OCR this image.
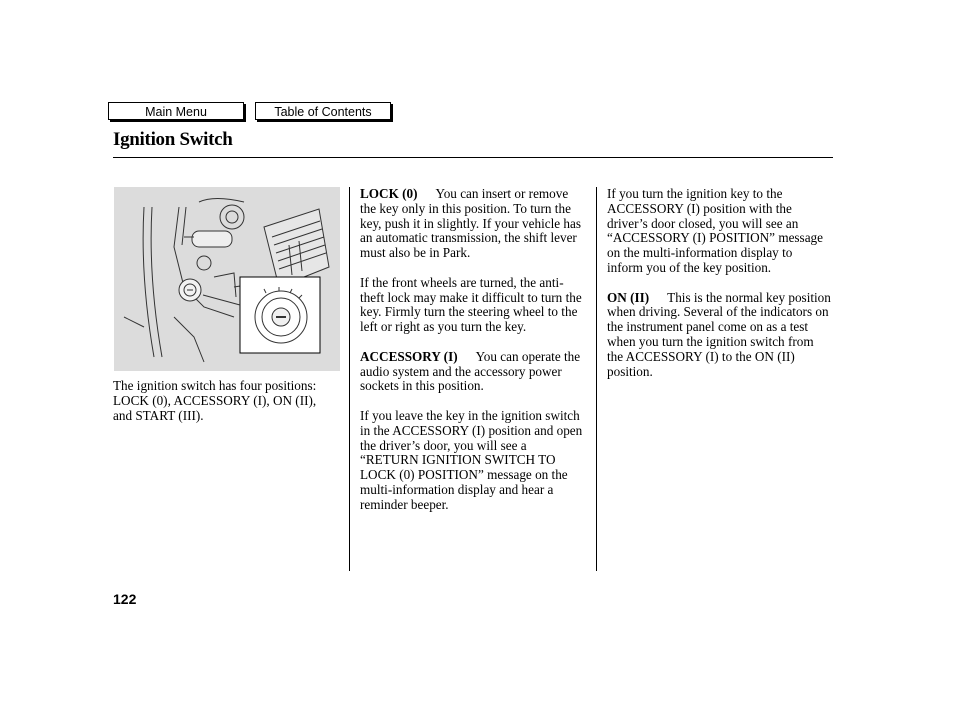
Main Menu	Table of Contents
Ignition Switch

The ignition switch has four positions: LOCK (0), ACCESSORY (I), ON (II), and START (III).

LOCK (0) You can insert or remove the key only in this position. To turn the key, push it in slightly. If your vehicle has an automatic transmission, the shift lever must also be in Park.

If the front wheels are turned, the anti-theft lock may make it difficult to turn the key. Firmly turn the steering wheel to the left or right as you turn the key.

ACCESSORY (I) You can operate the audio system and the accessory power sockets in this position.

If you leave the key in the ignition switch in the ACCESSORY (I) position and open the driver’s door, you will see a “RETURN IGNITION SWITCH TO LOCK (0) POSITION” message on the multi-information display and hear a reminder beeper.

If you turn the ignition key to the ACCESSORY (I) position with the driver’s door closed, you will see an “ACCESSORY (I) POSITION” message on the multi-information display to inform you of the key position.

ON (II) This is the normal key position when driving. Several of the indicators on the instrument panel come on as a test when you turn the ignition switch from the ACCESSORY (I) to the ON (II) position.

122
